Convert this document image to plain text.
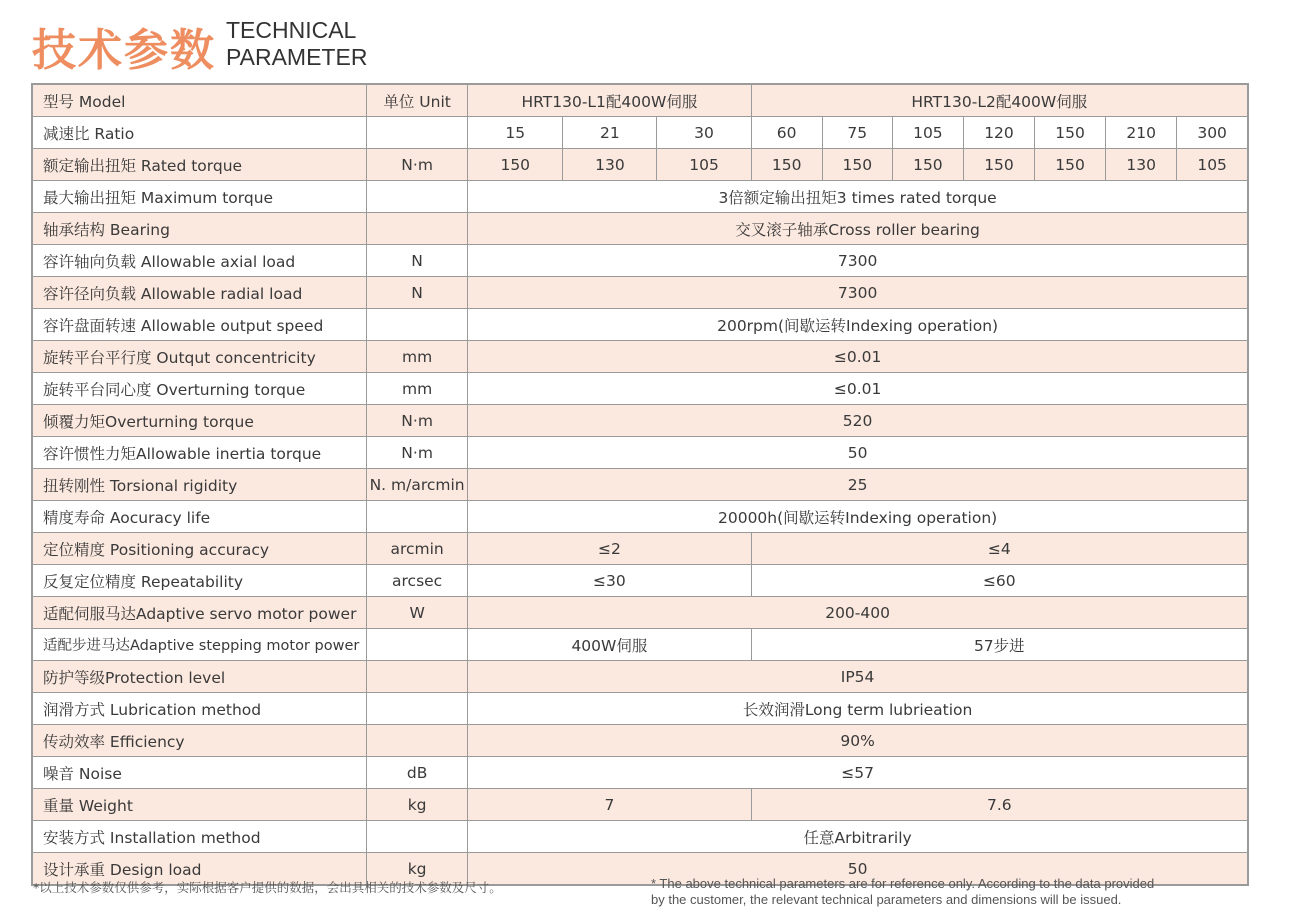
技术参数 TECHNICAL
PARAMETER
型号 Model	单位 Unit	HRT130-L1配400W伺服			HRT130-L2配400W伺服						
减速比 Ratio		15	21	30	60	75	105	120	150	210	300
额定输出扭矩 Rated torque	N·m	150	130	105	150	150	150	150	150	130	105
最大输出扭矩 Maximum torque		3倍额定输出扭矩3 times rated torque									
轴承结构 Bearing		交叉滚子轴承Cross roller bearing									
容许轴向负载 Allowable axial load	N	7300									
容许径向负载 Allowable radial load	N	7300									
容许盘面转速 Allowable output speed		200rpm(间歇运转Indexing operation)									
旋转平台平行度 Outqut concentricity	mm	≤0.01									
旋转平台同心度 Overturning torque	mm	≤0.01									
倾覆力矩Overturning torque	N·m	520									
容许惯性力矩Allowable inertia torque	N·m	50									
扭转刚性 Torsional rigidity	N. m/arcmin	25									
精度寿命 Aocuracy life		20000h(间歇运转Indexing operation)									
定位精度 Positioning accuracy	arcmin	≤2			≤4						
反复定位精度 Repeatability	arcsec	≤30			≤60						
适配伺服马达Adaptive servo motor power	W	200-400									
适配步进马达Adaptive stepping motor power		400W伺服			57步进						
防护等级Protection level		IP54									
润滑方式 Lubrication method		长效润滑Long term lubrieation									
传动效率 Efficiency		90%									
噪音 Noise	dB	≤57									
重量 Weight	kg	7			7.6						
安装方式 Installation method		任意Arbitrarily									
设计承重 Design load	kg	50									
*以上技术参数仅供参考，实际根据客户提供的数据，会出具相关的技术参数及尺寸。	* The above technical parameters are for reference only. According to the data provided
by the customer, the relevant technical parameters and dimensions will be issued.
